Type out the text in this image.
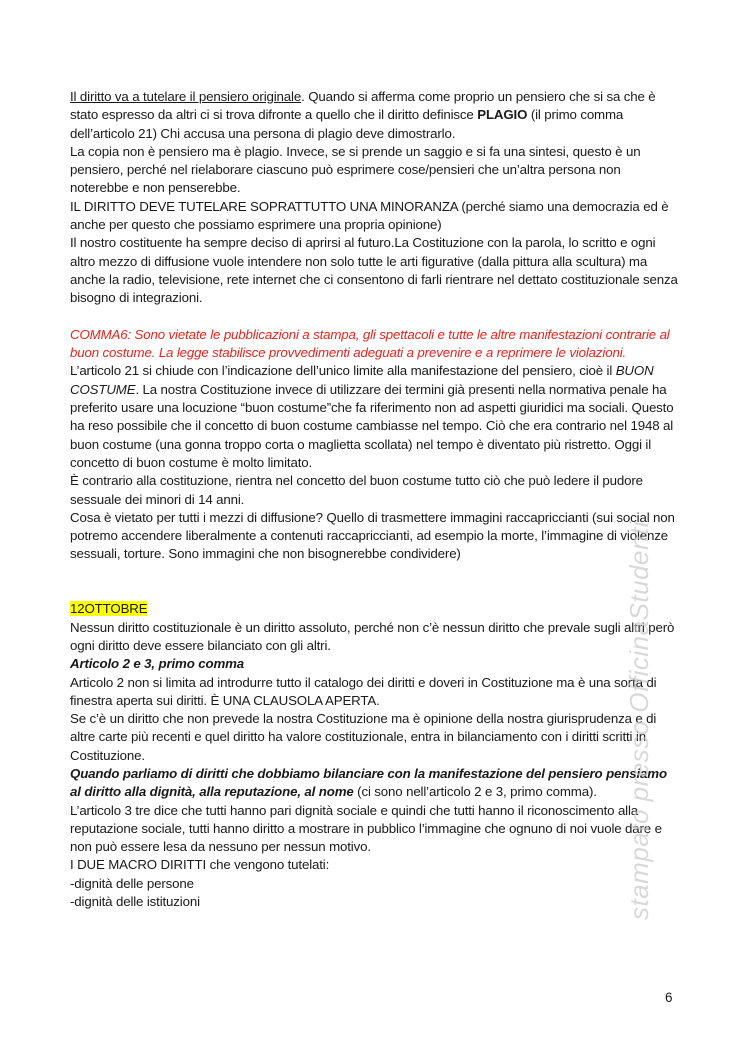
Il diritto va a tutelare il pensiero originale. Quando si afferma come proprio un pensiero che si sa che è stato espresso da altri ci si trova difronte a quello che il diritto definisce PLAGIO (il primo comma dell’articolo 21) Chi accusa una persona di plagio deve dimostrarlo.

La copia non è pensiero ma è plagio. Invece, se si prende un saggio e si fa una sintesi, questo è un pensiero, perché nel rielaborare ciascuno può esprimere cose/pensieri che un’altra persona non noterebbe e non penserebbe.

IL DIRITTO DEVE TUTELARE SOPRATTUTTO UNA MINORANZA (perché siamo una democrazia ed è anche per questo che possiamo esprimere una propria opinione)

Il nostro costituente ha sempre deciso di aprirsi al futuro.La Costituzione con la parola, lo scritto e ogni altro mezzo di diffusione vuole intendere non solo tutte le arti figurative (dalla pittura alla scultura) ma anche la radio, televisione, rete internet che ci consentono di farli rientrare nel dettato costituzionale senza bisogno di integrazioni.

COMMA6: Sono vietate le pubblicazioni a stampa, gli spettacoli e tutte le altre manifestazioni contrarie al buon costume. La legge stabilisce provvedimenti adeguati a prevenire e a reprimere le violazioni.

L’articolo 21 si chiude con l’indicazione dell’unico limite alla manifestazione del pensiero, cioè il BUON COSTUME. La nostra Costituzione invece di utilizzare dei termini già presenti nella normativa penale ha preferito usare una locuzione “buon costume”che fa riferimento non ad aspetti giuridici ma sociali. Questo ha reso possibile che il concetto di buon costume cambiasse nel tempo. Ciò che era contrario nel 1948 al buon costume (una gonna troppo corta o maglietta scollata) nel tempo è diventato più ristretto. Oggi il concetto di buon costume è molto limitato.

È contrario alla costituzione, rientra nel concetto del buon costume tutto ciò che può ledere il pudore sessuale dei minori di 14 anni.

Cosa è vietato per tutti i mezzi di diffusione? Quello di trasmettere immagini raccapriccianti (sui social non potremo accendere liberalmente a contenuti raccapriccianti, ad esempio la morte, l’immagine di violenze sessuali, torture. Sono immagini che non bisognerebbe condividere)

12OTTOBRE

Nessun diritto costituzionale è un diritto assoluto, perché non c’è nessun diritto che prevale sugli altri però ogni diritto deve essere bilanciato con gli altri.

Articolo 2 e 3, primo comma

Articolo 2 non si limita ad introdurre tutto il catalogo dei diritti e doveri in Costituzione ma è una sorta di finestra aperta sui diritti. È UNA CLAUSOLA APERTA.

Se c’è un diritto che non prevede la nostra Costituzione ma è opinione della nostra giurisprudenza e di altre carte più recenti e quel diritto ha valore costituzionale, entra in bilanciamento con i diritti scritti in Costituzione.

Quando parliamo di diritti che dobbiamo bilanciare con la manifestazione del pensiero pensiamo al diritto alla dignità, alla reputazione, al nome (ci sono nell’articolo 2 e 3, primo comma).

L’articolo 3 tre dice che tutti hanno pari dignità sociale e quindi che tutti hanno il riconoscimento alla reputazione sociale, tutti hanno diritto a mostrare in pubblico l’immagine che ognuno di noi vuole dare e non può essere lesa da nessuno per nessun motivo.

I DUE MACRO DIRITTI che vengono tutelati:

-dignità delle persone

-dignità delle istituzioni	stampato presso OfficinaStudenti
6
